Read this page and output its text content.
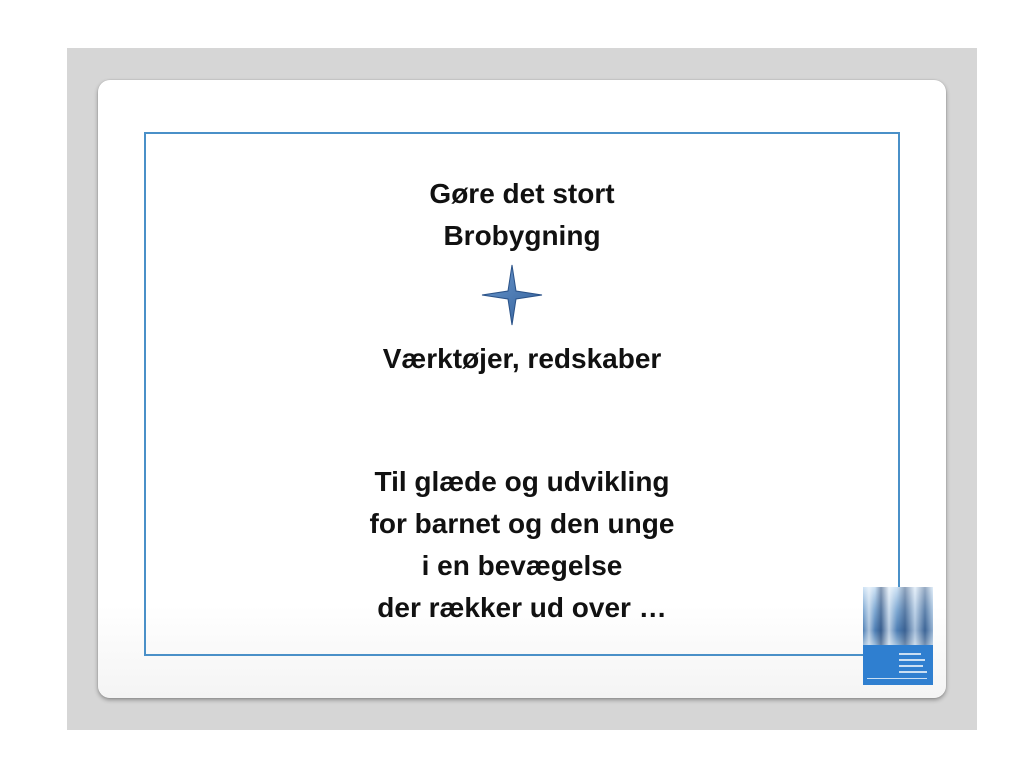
Gøre det stort
Brobygning
Værktøjer, redskaber
Til glæde og udvikling
for barnet og den unge
i en bevægelse
der rækker ud over …
